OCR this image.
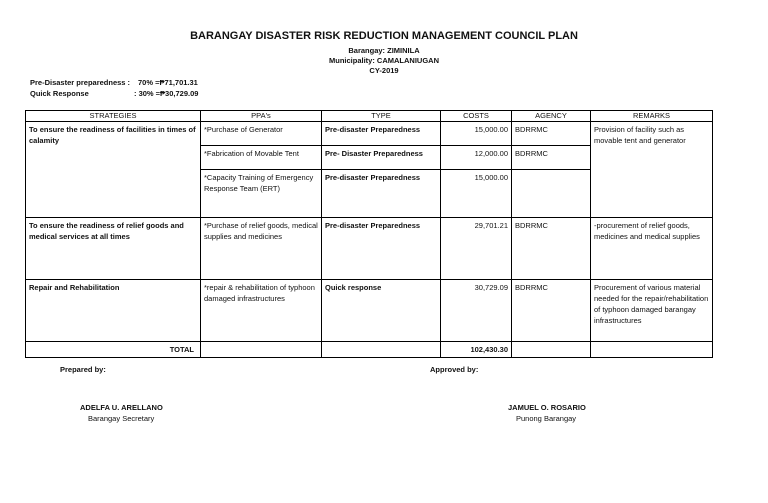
BARANGAY DISASTER RISK REDUCTION MANAGEMENT COUNCIL PLAN
Barangay: ZIMINILA
Municipality: CAMALANIUGAN
CY-2019
Pre-Disaster preparedness : 70% =₱71,701.31
Quick Response	: 30% =₱30,729.09
STRATEGIES	PPA's	TYPE	COSTS	AGENCY	REMARKS
To ensure the readiness of facilities in times of calamity	*Purchase of Generator	Pre-disaster Preparedness	15,000.00	BDRRMC	Provision of facility such as movable tent and generator
	*Fabrication of Movable Tent	Pre- Disaster Preparedness	12,000.00	BDRRMC	
	*Capacity Training of Emergency Response Team (ERT)	Pre-disaster Preparedness	15,000.00		
To ensure the readiness of relief goods and medical services at all times	*Purchase of relief goods, medical supplies and medicines	Pre-disaster Preparedness	29,701.21	BDRRMC	-procurement of relief goods, medicines and medical supplies
Repair and Rehabilitation	*repair & rehabilitation of typhoon damaged infrastructures	Quick response	30,729.09	BDRRMC	Procurement of various material needed for the repair/rehabilitation of typhoon damaged barangay infrastructures
TOTAL			102,430.30		
Prepared by:
ADELFA U. ARELLANO
Barangay Secretary
Approved by:
JAMUEL O. ROSARIO
Punong Barangay
